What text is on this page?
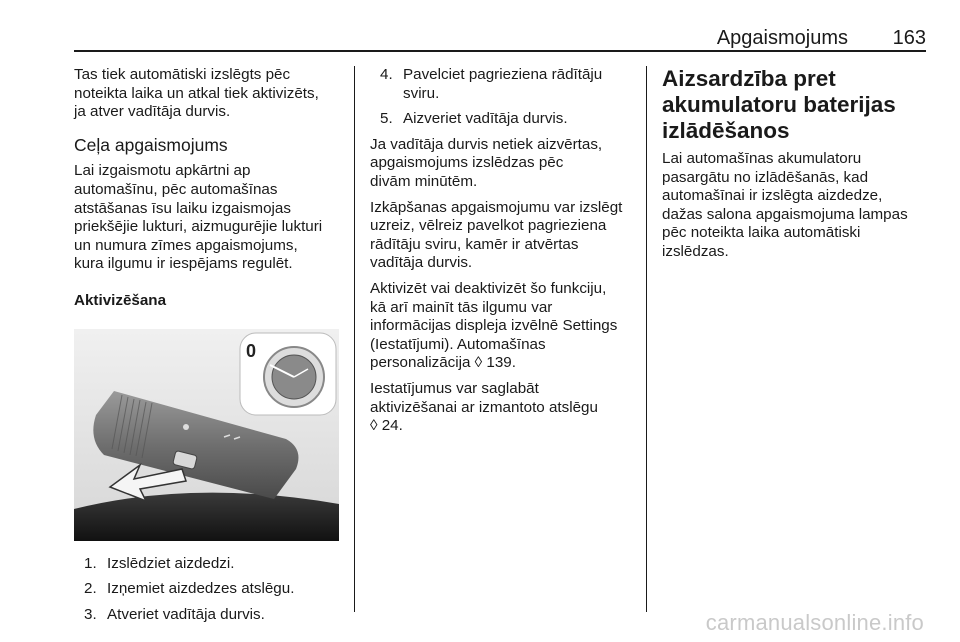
Apgaismojums 163
Tas tiek automātiski izslēgts pēc
noteikta laika un atkal tiek aktivizēts,
ja atver vadītāja durvis.
Ceļa apgaismojums
Lai izgaismotu apkārtni ap
automašīnu, pēc automašīnas
atstāšanas īsu laiku izgaismojas
priekšējie lukturi, aizmugurējie lukturi
un numura zīmes apgaismojums,
kura ilgumu ir iespējams regulēt.
Aktivizēšana
0
1. Izslēdziet aizdedzi.
2. Izņemiet aizdedzes atslēgu.
3. Atveriet vadītāja durvis.
4. Pavelciet pagrieziena rādītāju
sviru.
5. Aizveriet vadītāja durvis.
Ja vadītāja durvis netiek aizvērtas,
apgaismojums izslēdzas pēc
divām minūtēm.
Izkāpšanas apgaismojumu var izslēgt
uzreiz, vēlreiz pavelkot pagrieziena
rādītāju sviru, kamēr ir atvērtas
vadītāja durvis.
Aktivizēt vai deaktivizēt šo funkciju,
kā arī mainīt tās ilgumu var
informācijas displeja izvēlnē Settings
(Iestatījumi). Automašīnas
personalizācija ◊ 139.
Iestatījumus var saglabāt
aktivizēšanai ar izmantoto atslēgu
◊ 24.
Aizsardzība pret
akumulatoru baterijas
izlādēšanos
Lai automašīnas akumulatoru
pasargātu no izlādēšanās, kad
automašīnai ir izslēgta aizdedze,
dažas salona apgaismojuma lampas
pēc noteikta laika automātiski
izslēdzas.
carmanualsonline.info
